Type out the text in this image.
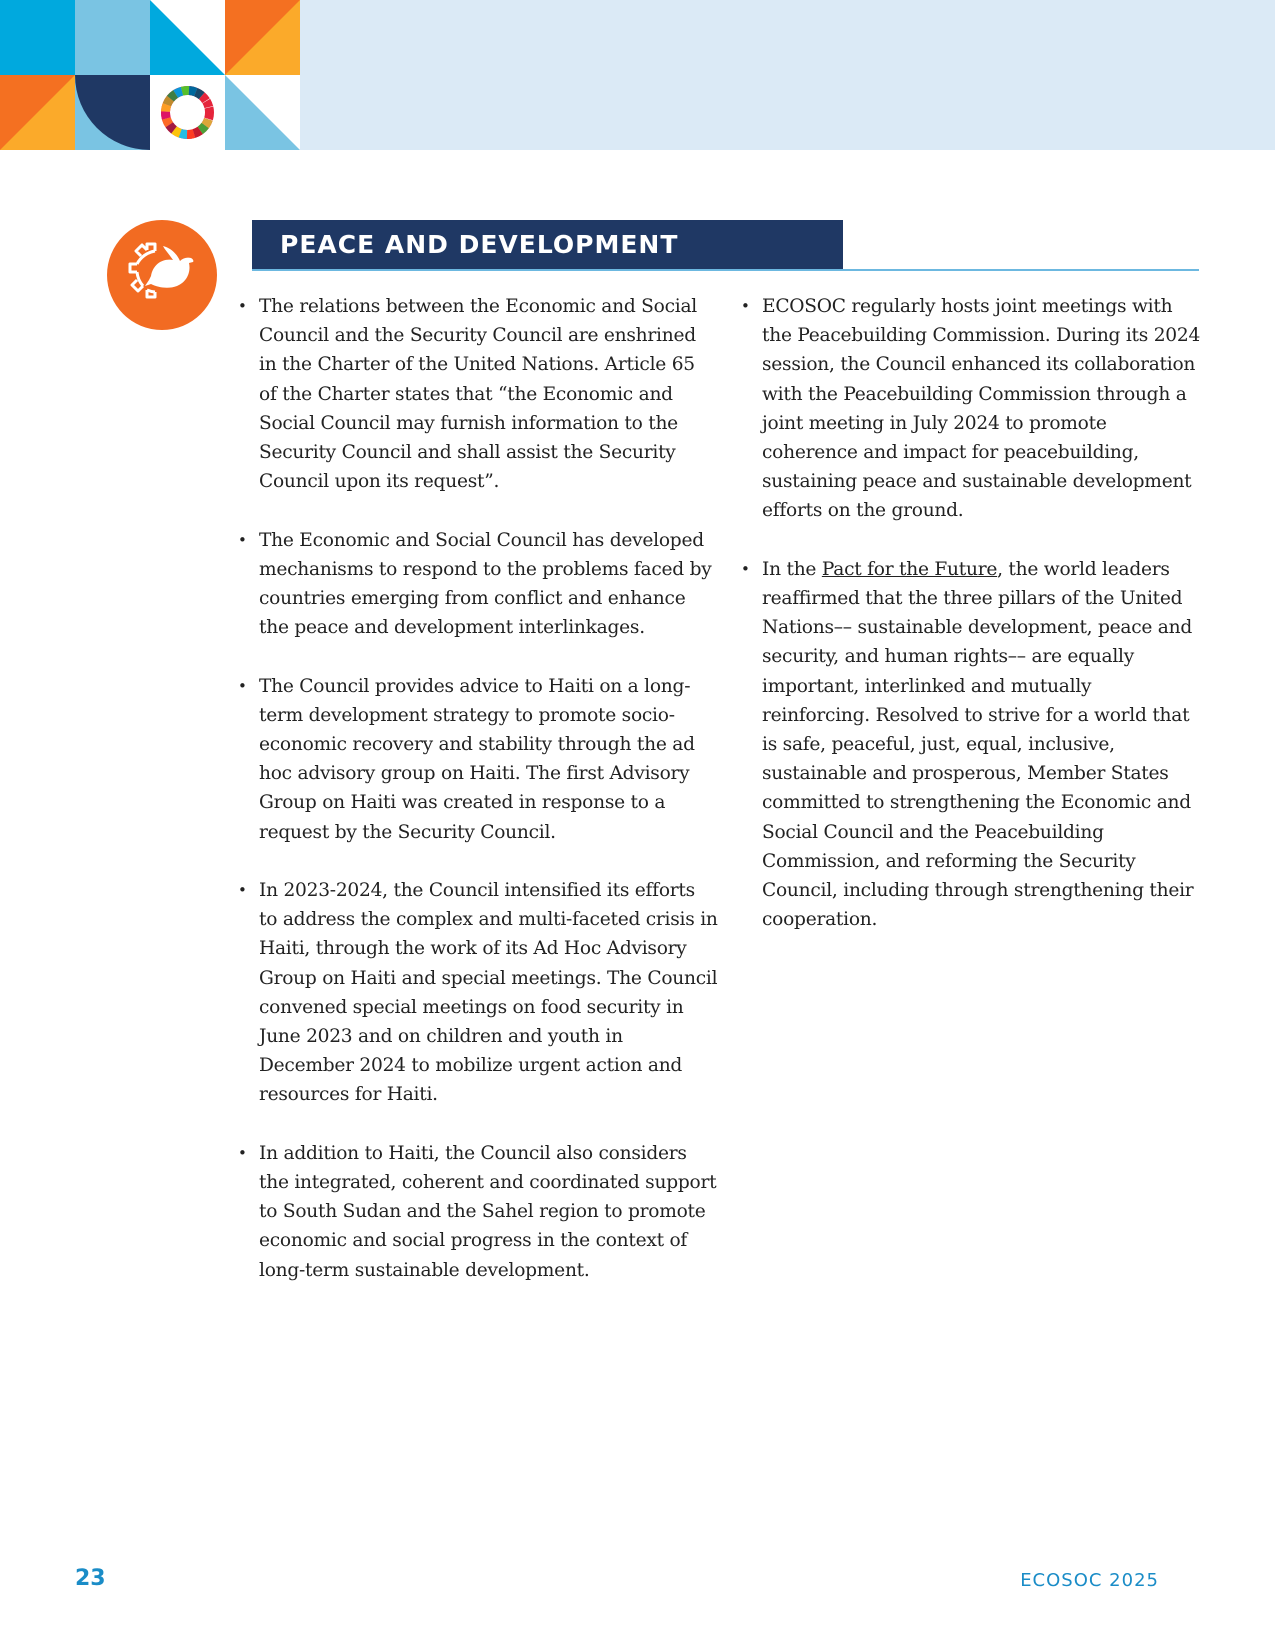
PEACE AND DEVELOPMENT
• The relations between the Economic and Social Council and the Security Council are enshrined in the Charter of the United Nations. Article 65 of the Charter states that “the Economic and Social Council may furnish information to the Security Council and shall assist the Security Council upon its request”.
• The Economic and Social Council has developed mechanisms to respond to the problems faced by countries emerging from conflict and enhance the peace and development interlinkages.
• The Council provides advice to Haiti on a long-term development strategy to promote socio-economic recovery and stability through the ad hoc advisory group on Haiti. The first Advisory Group on Haiti was created in response to a request by the Security Council.
• In 2023-2024, the Council intensified its efforts to address the complex and multi-faceted crisis in Haiti, through the work of its Ad Hoc Advisory Group on Haiti and special meetings. The Council convened special meetings on food security in June 2023 and on children and youth in December 2024 to mobilize urgent action and resources for Haiti.
• In addition to Haiti, the Council also considers the integrated, coherent and coordinated support to South Sudan and the Sahel region to promote economic and social progress in the context of long-term sustainable development.
• ECOSOC regularly hosts joint meetings with the Peacebuilding Commission. During its 2024 session, the Council enhanced its collaboration with the Peacebuilding Commission through a joint meeting in July 2024 to promote coherence and impact for peacebuilding, sustaining peace and sustainable development efforts on the ground.
• In the Pact for the Future, the world leaders reaffirmed that the three pillars of the United Nations–– sustainable development, peace and security, and human rights–– are equally important, interlinked and mutually reinforcing. Resolved to strive for a world that is safe, peaceful, just, equal, inclusive, sustainable and prosperous, Member States committed to strengthening the Economic and Social Council and the Peacebuilding Commission, and reforming the Security Council, including through strengthening their cooperation.
23	ECOSOC 2025
